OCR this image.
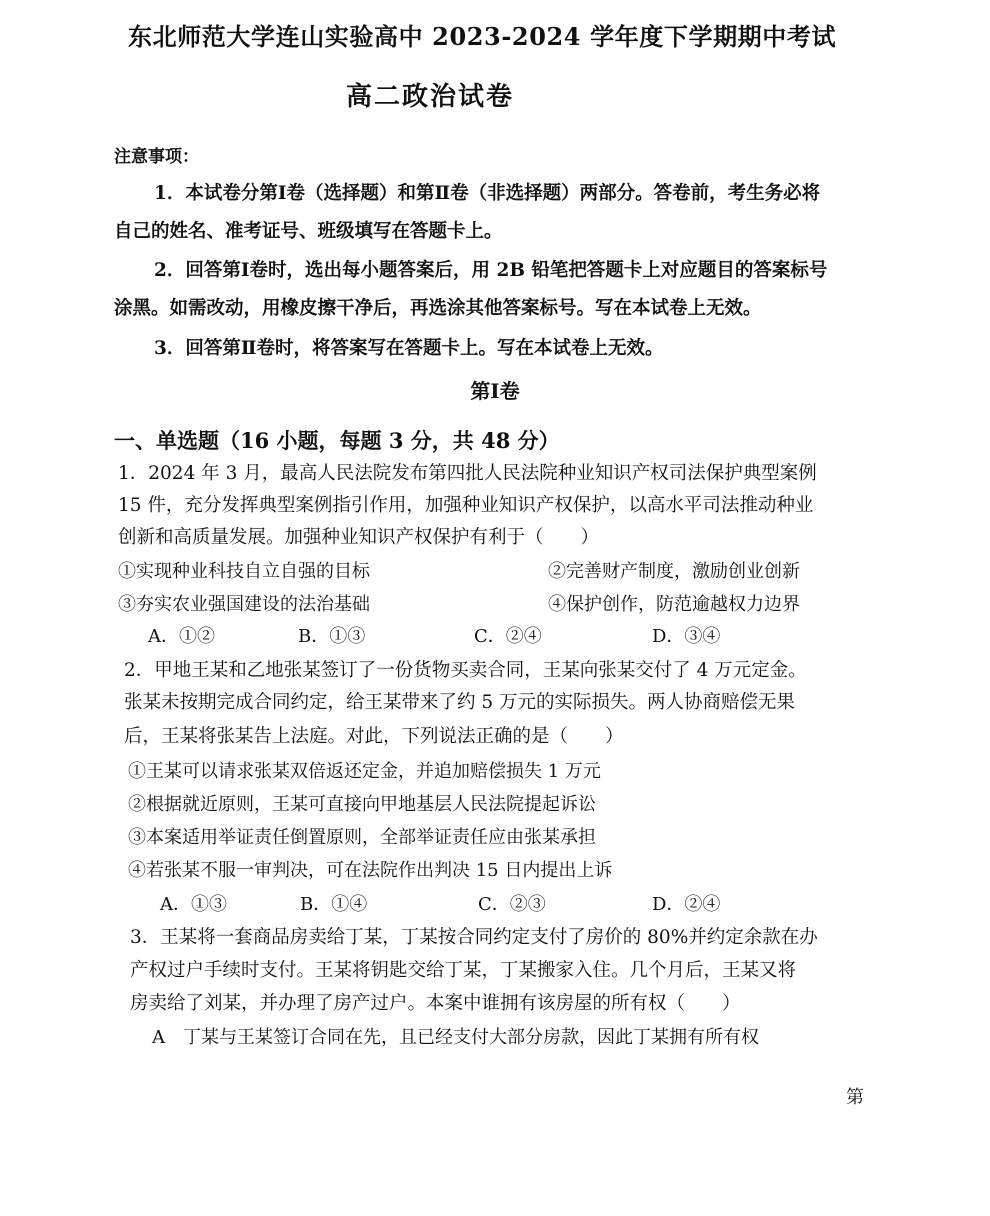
东北师范大学连山实验高中 2023-2024 学年度下学期期中考试
高二政治试卷
注意事项：
1．本试卷分第Ⅰ卷（选择题）和第Ⅱ卷（非选择题）两部分。答卷前，考生务必将
自己的姓名、准考证号、班级填写在答题卡上。
2．回答第Ⅰ卷时，选出每小题答案后，用 2B 铅笔把答题卡上对应题目的答案标号
涂黑。如需改动，用橡皮擦干净后，再选涂其他答案标号。写在本试卷上无效。
3．回答第Ⅱ卷时，将答案写在答题卡上。写在本试卷上无效。
第Ⅰ卷
一、单选题（16 小题，每题 3 分，共 48 分）
1．2024 年 3 月，最高人民法院发布第四批人民法院种业知识产权司法保护典型案例
15 件，充分发挥典型案例指引作用，加强种业知识产权保护，以高水平司法推动种业
创新和高质量发展。加强种业知识产权保护有利于（　　）
①实现种业科技自立自强的目标	②完善财产制度，激励创业创新
③夯实农业强国建设的法治基础	④保护创作，防范逾越权力边界
A．①②	B．①③	C．②④	D．③④
2．甲地王某和乙地张某签订了一份货物买卖合同，王某向张某交付了 4 万元定金。
张某未按期完成合同约定，给王某带来了约 5 万元的实际损失。两人协商赔偿无果
后，王某将张某告上法庭。对此，下列说法正确的是（　　）
①王某可以请求张某双倍返还定金，并追加赔偿损失 1 万元
②根据就近原则，王某可直接向甲地基层人民法院提起诉讼
③本案适用举证责任倒置原则，全部举证责任应由张某承担
④若张某不服一审判决，可在法院作出判决 15 日内提出上诉
A．①③	B．①④	C．②③	D．②④
3．王某将一套商品房卖给丁某，丁某按合同约定支付了房价的 80%并约定余款在办
产权过户手续时支付。王某将钥匙交给丁某，丁某搬家入住。几个月后，王某又将
房卖给了刘某，并办理了房产过户。本案中谁拥有该房屋的所有权（　　）
A　丁某与王某签订合同在先，且已经支付大部分房款，因此丁某拥有所有权
第
